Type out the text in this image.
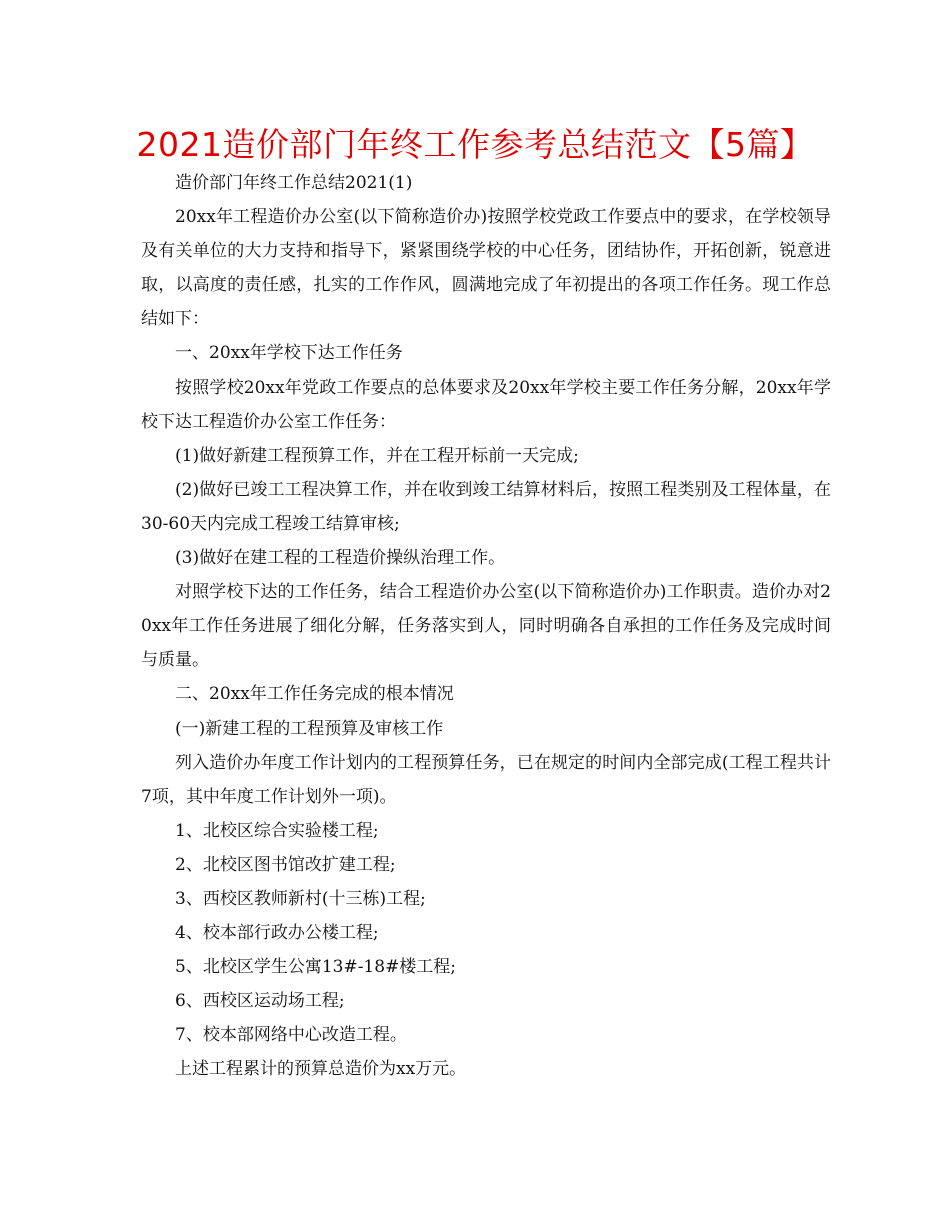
2021造价部门年终工作参考总结范文【5篇】

造价部门年终工作总结2021(1)

20xx年工程造价办公室(以下简称造价办)按照学校党政工作要点中的要求，在学校领导及有关单位的大力支持和指导下，紧紧围绕学校的中心任务，团结协作，开拓创新，锐意进取，以高度的责任感，扎实的工作作风，圆满地完成了年初提出的各项工作任务。现工作总结如下：

一、20xx年学校下达工作任务

按照学校20xx年党政工作要点的总体要求及20xx年学校主要工作任务分解，20xx年学校下达工程造价办公室工作任务：

(1)做好新建工程预算工作，并在工程开标前一天完成;

(2)做好已竣工工程决算工作，并在收到竣工结算材料后，按照工程类别及工程体量，在30-60天内完成工程竣工结算审核;

(3)做好在建工程的工程造价操纵治理工作。

对照学校下达的工作任务，结合工程造价办公室(以下简称造价办)工作职责。造价办对20xx年工作任务进展了细化分解，任务落实到人，同时明确各自承担的工作任务及完成时间与质量。

二、20xx年工作任务完成的根本情况

(一)新建工程的工程预算及审核工作

列入造价办年度工作计划内的工程预算任务，已在规定的时间内全部完成(工程工程共计7项，其中年度工作计划外一项)。

1、北校区综合实验楼工程;

2、北校区图书馆改扩建工程;

3、西校区教师新村(十三栋)工程;

4、校本部行政办公楼工程;

5、北校区学生公寓13#-18#楼工程;

6、西校区运动场工程;

7、校本部网络中心改造工程。

上述工程累计的预算总造价为xx万元。
